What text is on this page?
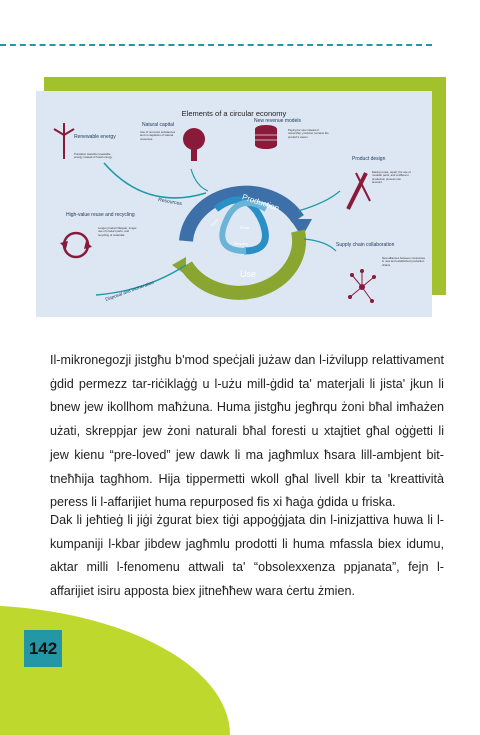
Elements of a circular economy
Production
Use
Resources
Disposal and incineration
Repair
Reuse
Recycling
Renewable energy
Transition towards renewable energy instead of fossil energy.
Natural capital
Use of non-toxic substances and no depletion of natural resources.
New revenue models
Paying for use instead of ownership, producer remains the product's owner.
Product design
Easing reuse, repair, the use of modular parts, and a different production process into account.
High-value reuse and recycling
Longer product lifespan, longer use of product parts, and recycling of materials.
Supply chain collaboration
New alliances between companies in new and established production chains.

Il-mikronegozji jistgħu b'mod speċjali jużaw dan l-iżvilupp relattivament ġdid permezz tar-riċiklaġġ u l-użu mill-ġdid ta' materjali li jista' jkun li bnew jew ikollhom maħżuna. Huma jistgħu jegħrqu żoni bħal imħażen użati, skreppjar jew żoni naturali bħal foresti u xtajtiet għal oġġetti li jew kienu “pre-loved” jew dawk li ma jagħmlux ħsara lill-ambjent bit-tneħħija tagħhom. Hija tippermetti wkoll għal livell kbir ta 'kreattività peress li l-affarijiet huma repurposed fis xi ħaġa ġdida u friska.

Dak li jeħtieġ li jiġi żgurat biex tiġi appoġġjata din l-inizjattiva huwa li l-kumpaniji l-kbar jibdew jagħmlu prodotti li huma mfassla biex idumu, aktar milli l-fenomenu attwali ta' “obsolexxenza ppjanata”, fejn l-affarijiet isiru apposta biex jitneħħew wara ċertu żmien.

142
